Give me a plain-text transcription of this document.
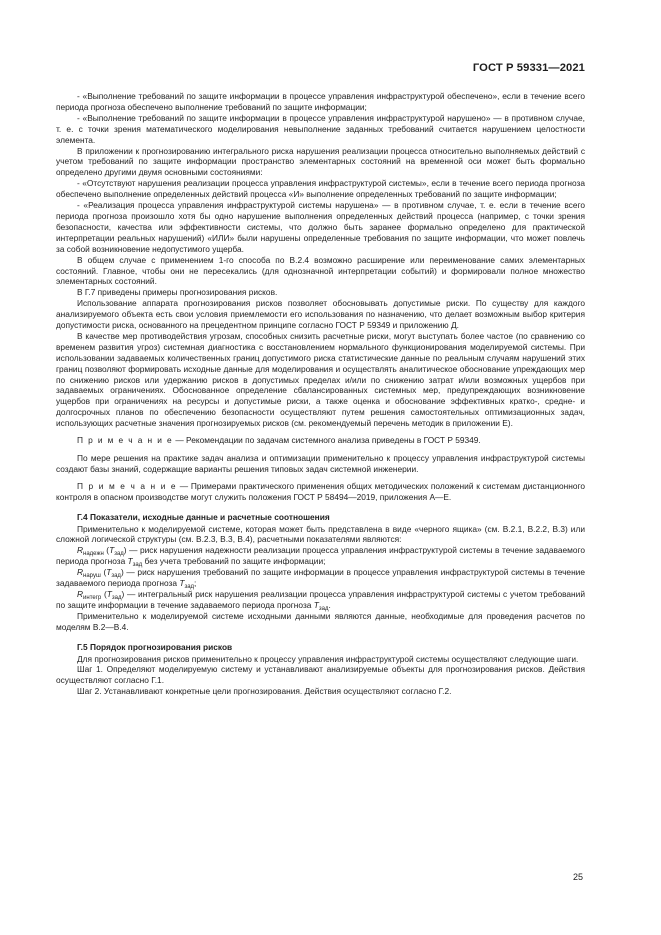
ГОСТ Р 59331—2021

- «Выполнение требований по защите информации в процессе управления инфраструктурой обеспечено», если в течение всего периода прогноза обеспечено выполнение требований по защите информации;

- «Выполнение требований по защите информации в процессе управления инфраструктурой нарушено» — в противном случае, т. е. с точки зрения математического моделирования невыполнение заданных требований считается нарушением целостности элемента.

В приложении к прогнозированию интегрального риска нарушения реализации процесса относительно выполняемых действий с учетом требований по защите информации пространство элементарных состояний на временной оси может быть формально определено другими двумя основными состояниями:

- «Отсутствуют нарушения реализации процесса управления инфраструктурой системы», если в течение всего периода прогноза обеспечено выполнение определенных действий процесса «И» выполнение определенных требований по защите информации;

- «Реализация процесса управления инфраструктурой системы нарушена» — в противном случае, т. е. если в течение всего периода прогноза произошло хотя бы одно нарушение выполнения определенных действий процесса (например, с точки зрения безопасности, качества или эффективности системы, что должно быть заранее формально определено для практической интерпретации реальных нарушений) «ИЛИ» были нарушены определенные требования по защите информации, что может повлечь за собой возникновение недопустимого ущерба.

В общем случае с применением 1-го способа по В.2.4 возможно расширение или переименование самих элементарных состояний. Главное, чтобы они не пересекались (для однозначной интерпретации событий) и формировали полное множество элементарных состояний.

В Г.7 приведены примеры прогнозирования рисков.

Использование аппарата прогнозирования рисков позволяет обосновывать допустимые риски. По существу для каждого анализируемого объекта есть свои условия приемлемости его использования по назначению, что делает возможным выбор критерия допустимости риска, основанного на прецедентном принципе согласно ГОСТ Р 59349 и приложению Д.

В качестве мер противодействия угрозам, способных снизить расчетные риски, могут выступать более частое (по сравнению со временем развития угроз) системная диагностика с восстановлением нормального функционирования моделируемой системы. При использовании задаваемых количественных границ допустимого риска статистические данные по реальным случаям нарушений этих границ позволяют формировать исходные данные для моделирования и осуществлять аналитическое обоснование упреждающих мер по снижению рисков или удержанию рисков в допустимых пределах и/или по снижению затрат и/или возможных ущербов при задаваемых ограничениях. Обоснованное определение сбалансированных системных мер, предупреждающих возникновение ущербов при ограничениях на ресурсы и допустимые риски, а также оценка и обоснование эффективных кратко-, средне- и долгосрочных планов по обеспечению безопасности осуществляют путем решения самостоятельных оптимизационных задач, использующих расчетные значения прогнозируемых рисков (см. рекомендуемый перечень методик в приложении Е).

П р и м е ч а н и е — Рекомендации по задачам системного анализа приведены в ГОСТ Р 59349.

По мере решения на практике задач анализа и оптимизации применительно к процессу управления инфраструктурой системы создают базы знаний, содержащие варианты решения типовых задач системной инженерии.

П р и м е ч а н и е — Примерами практического применения общих методических положений к системам дистанционного контроля в опасном производстве могут служить положения ГОСТ Р 58494—2019, приложения А—Е.

Г.4 Показатели, исходные данные и расчетные соотношения

Применительно к моделируемой системе, которая может быть представлена в виде «черного ящика» (см. В.2.1, В.2.2, В.3) или сложной логической структуры (см. В.2.3, В.3, В.4), расчетными показателями являются:

$R_{надежн}$ $(T_{зад})$ — риск нарушения надежности реализации процесса управления инфраструктурой системы в течение задаваемого периода прогноза $T_{зад}$ без учета требований по защите информации;

$R_{наруш}$ $(T_{зад})$ — риск нарушения требований по защите информации в процессе управления инфраструктурой системы в течение задаваемого периода прогноза $T_{зад}$;

$R_{интегр}$ $(T_{зад})$ — интегральный риск нарушения реализации процесса управления инфраструктурой системы с учетом требований по защите информации в течение задаваемого периода прогноза $T_{зад}$.

Применительно к моделируемой системе исходными данными являются данные, необходимые для проведения расчетов по моделям В.2—В.4.

Г.5 Порядок прогнозирования рисков

Для прогнозирования рисков применительно к процессу управления инфраструктурой системы осуществляют следующие шаги.

Шаг 1. Определяют моделируемую систему и устанавливают анализируемые объекты для прогнозирования рисков. Действия осуществляют согласно Г.1.

Шаг 2. Устанавливают конкретные цели прогнозирования. Действия осуществляют согласно Г.2.

25
